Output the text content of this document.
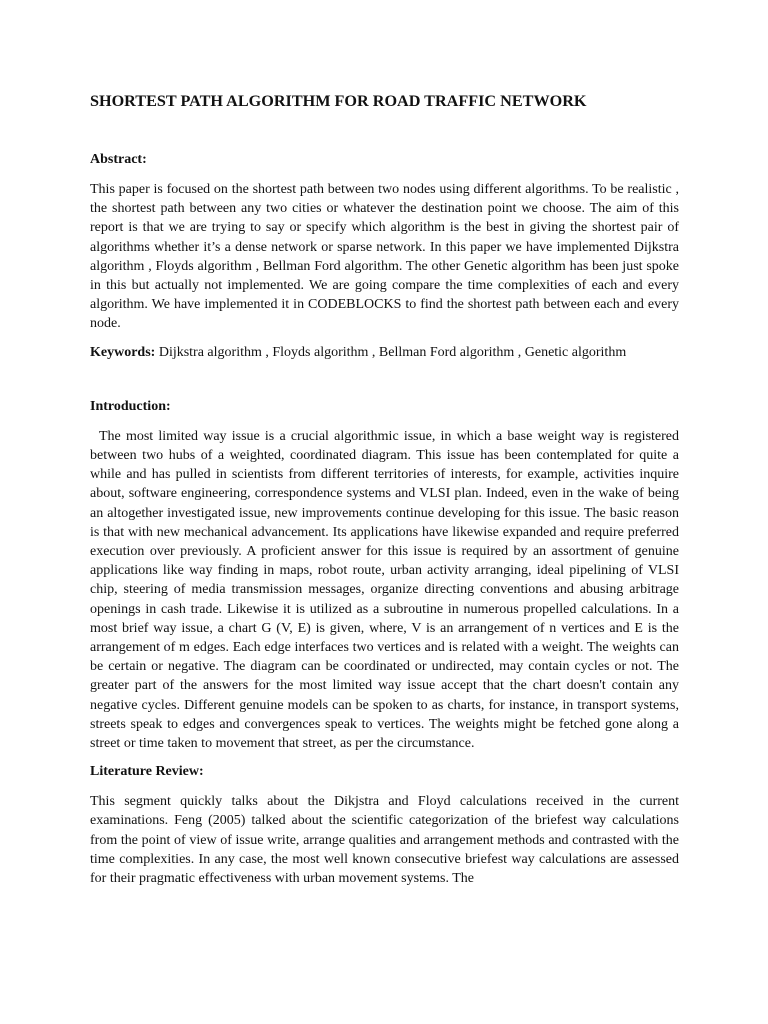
SHORTEST PATH ALGORITHM FOR ROAD TRAFFIC NETWORK
Abstract:

This paper is focused on the shortest path between two nodes using different algorithms. To be realistic , the shortest path between any two cities or whatever the destination point we choose. The aim of this report is that we are trying to say or specify which algorithm is the best in giving the shortest pair of algorithms whether it’s a dense network or sparse network. In this paper we have implemented Dijkstra algorithm , Floyds algorithm , Bellman Ford algorithm. The other Genetic algorithm has been just spoke in this but actually not implemented. We are going compare the time complexities of each and every algorithm. We have implemented it in CODEBLOCKS to find the shortest path between each and every node.

Keywords: Dijkstra algorithm , Floyds algorithm , Bellman Ford algorithm , Genetic algorithm

Introduction:

The most limited way issue is a crucial algorithmic issue, in which a base weight way is registered between two hubs of a weighted, coordinated diagram. This issue has been contemplated for quite a while and has pulled in scientists from different territories of interests, for example, activities inquire about, software engineering, correspondence systems and VLSI plan. Indeed, even in the wake of being an altogether investigated issue, new improvements continue developing for this issue. The basic reason is that with new mechanical advancement. Its applications have likewise expanded and require preferred execution over previously. A proficient answer for this issue is required by an assortment of genuine applications like way finding in maps, robot route, urban activity arranging, ideal pipelining of VLSI chip, steering of media transmission messages, organize directing conventions and abusing arbitrage openings in cash trade. Likewise it is utilized as a subroutine in numerous propelled calculations. In a most brief way issue, a chart G (V, E) is given, where, V is an arrangement of n vertices and E is the arrangement of m edges. Each edge interfaces two vertices and is related with a weight. The weights can be certain or negative. The diagram can be coordinated or undirected, may contain cycles or not. The greater part of the answers for the most limited way issue accept that the chart doesn't contain any negative cycles. Different genuine models can be spoken to as charts, for instance, in transport systems, streets speak to edges and convergences speak to vertices. The weights might be fetched gone along a street or time taken to movement that street, as per the circumstance.

Literature Review:

This segment quickly talks about the Dikjstra and Floyd calculations received in the current examinations. Feng (2005) talked about the scientific categorization of the briefest way calculations from the point of view of issue write, arrange qualities and arrangement methods and contrasted with the time complexities. In any case, the most well known consecutive briefest way calculations are assessed for their pragmatic effectiveness with urban movement systems. The
